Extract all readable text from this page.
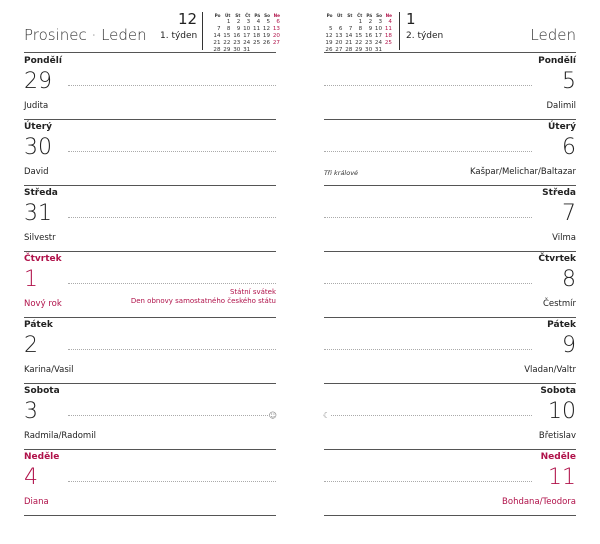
Prosinec · Leden
12
1. týden
Po	Út	St	Čt	Pá	So	Ne
	1	2	3	4	5	6
7	8	9	10	11	12	13
14	15	16	17	18	19	20
21	22	23	24	25	26	27
28	29	30	31			
Pondělí
29
Judita
Úterý
30
David
Středa
31
Silvestr
Čtvrtek
1
Nový rok
Státní svátek
Den obnovy samostatného českého státu
Pátek
2
Karina/Vasil
Sobota
3
Radmila/Radomil
☺
Neděle
4
Diana
Leden
1
2. týden
Po	Út	St	Čt	Pá	So	Ne
			1	2	3	4
5	6	7	8	9	10	11
12	13	14	15	16	17	18
19	20	21	22	23	24	25
26	27	28	29	30	31	
Pondělí
5
Dalimil
Úterý
6
Kašpar/Melichar/Baltazar
Tři králové
Středa
7
Vilma
Čtvrtek
8
Čestmír
Pátek
9
Vladan/Valtr
Sobota
10
Břetislav
☾
Neděle
11
Bohdana/Teodora
